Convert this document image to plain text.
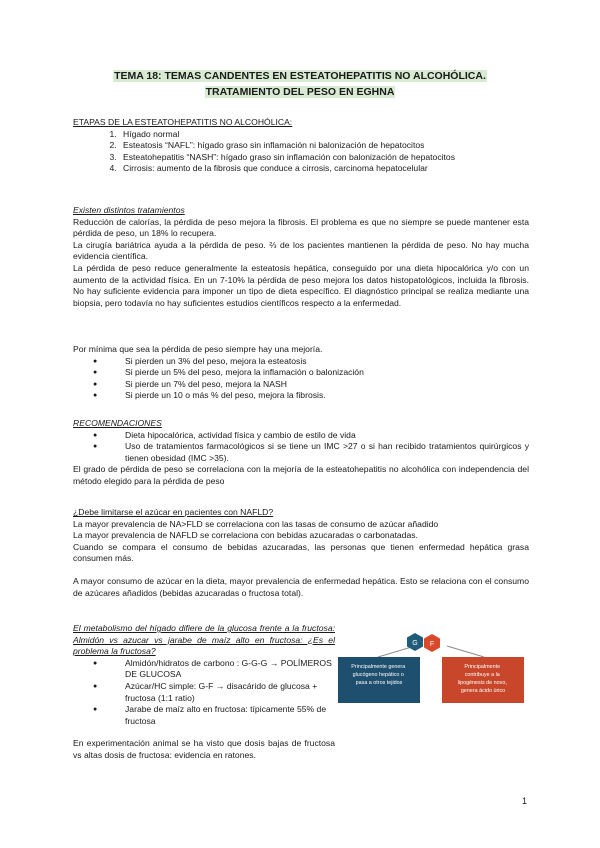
TEMA 18: TEMAS CANDENTES EN ESTEATOHEPATITIS NO ALCOHÓLICA.
TRATAMIENTO DEL PESO EN EGHNA

ETAPAS DE LA ESTEATOHEPATITIS NO ALCOHÓLICA:

1. Hígado normal
2. Esteatosis “NAFL”: hígado graso sin inflamación ni balonización de hepatocitos
3. Esteatohepatitis “NASH”: hígado graso sin inflamación con balonización de hepatocitos
4. Cirrosis: aumento de la fibrosis que conduce a cirrosis, carcinoma hepatocelular

Existen distintos tratamientos

Reducción de calorías, la pérdida de peso mejora la fibrosis. El problema es que no siempre se puede mantener esta pérdida de peso, un 18% lo recupera.

La cirugía bariátrica ayuda a la pérdida de peso. ⅔ de los pacientes mantienen la pérdida de peso. No hay mucha evidencia científica.

La pérdida de peso reduce generalmente la esteatosis hepática, conseguido por una dieta hipocalórica y/o con un aumento de la actividad física. En un 7-10% la pérdida de peso mejora los datos histopatológicos, incluida la fibrosis. No hay suficiente evidencia para imponer un tipo de dieta específico. El diagnóstico principal se realiza mediante una biopsia, pero todavía no hay suficientes estudios científicos respecto a la enfermedad.

Por mínima que sea la pérdida de peso siempre hay una mejoría.

● Si pierden un 3% del peso, mejora la esteatosis
● Si pierde un 5% del peso, mejora la inflamación o balonización
● Si pierde un 7% del peso, mejora la NASH
● Si pierde un 10 o más % del peso, mejora la fibrosis.

RECOMENDACIONES

● Dieta hipocalórica, actividad física y cambio de estilo de vida
● Uso de tratamientos farmacológicos si se tiene un IMC >27 o si han recibido tratamientos quirúrgicos y tienen obesidad (IMC >35).

El grado de pérdida de peso se correlaciona con la mejoría de la esteatohepatitis no alcohólica con independencia del método elegido para la pérdida de peso

¿Debe limitarse el azúcar en pacientes con NAFLD?

La mayor prevalencia de NA>FLD se correlaciona con las tasas de consumo de azúcar añadido

La mayor prevalencia de NAFLD se correlaciona con bebidas azucaradas o carbonatadas.

Cuando se compara el consumo de bebidas azucaradas, las personas que tienen enfermedad hepática grasa consumen más.

A mayor consumo de azúcar en la dieta, mayor prevalencia de enfermedad hepática. Esto se relaciona con el consumo de azúcares añadidos (bebidas azucaradas o fructosa total).

El metabolismo del hígado difiere de la glucosa frente a la fructosa: Almidón vs azucar vs jarabe de maíz alto en fructosa: ¿Es el problema la fructosa?

● Almidón/hidratos de carbono : G-G-G → POLÍMEROS DE GLUCOSA
● Azúcar/HC simple: G-F → disacárido de glucosa + fructosa (1:1 ratio)
● Jarabe de maíz alto en fructosa: típicamente 55% de fructosa

En experimentación animal se ha visto que dosis bajas de fructosa vs altas dosis de fructosa: evidencia en ratones.

G F
Principalmente genera glucógeno hepático o pasa a otros tejidos
Principalmente contribuye a la lipogénesis de novo, genera ácido úrico
1
